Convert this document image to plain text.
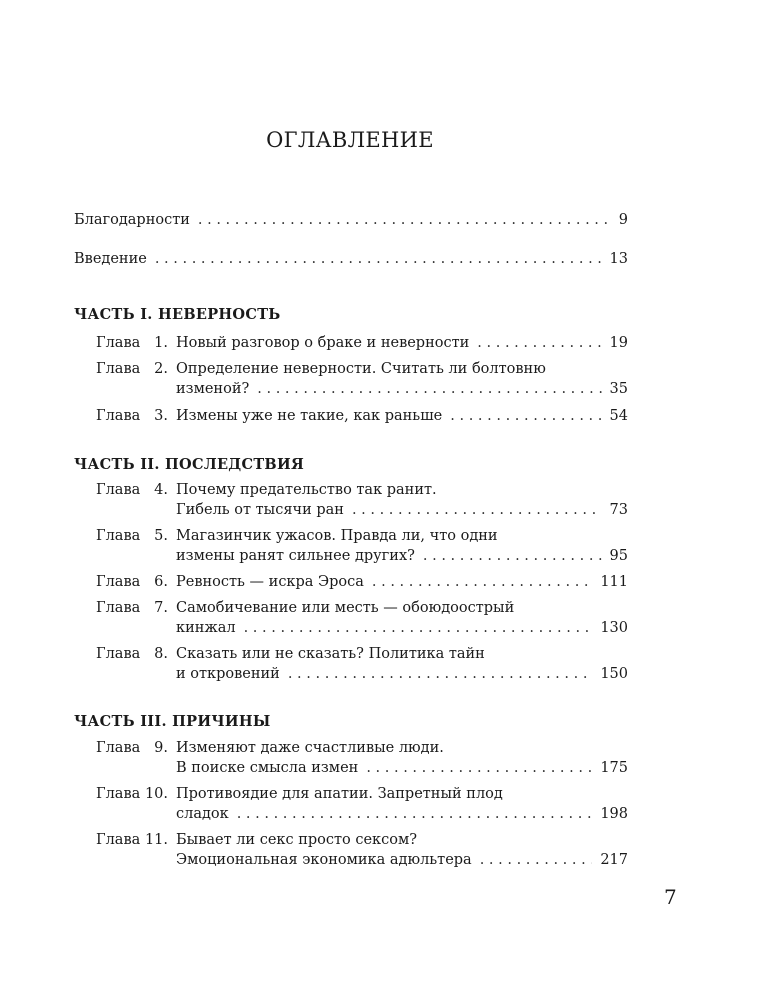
ОГЛАВЛЕНИЕ
Благодарности . . .	9
Введение . . .	13
ЧАСТЬ I. НЕВЕРНОСТЬ
Глава 1. Новый разговор о браке и неверности . . .	19
Глава 2. Определение неверности. Считать ли болтовню
изменой? . . .	35
Глава 3. Измены уже не такие, как раньше . . .	54
ЧАСТЬ II. ПОСЛЕДСТВИЯ
Глава 4. Почему предательство так ранит.
Гибель от тысячи ран . . .	73
Глава 5. Магазинчик ужасов. Правда ли, что одни
измены ранят сильнее других? . . .	95
Глава 6. Ревность — искра Эроса . . .	111
Глава 7. Самобичевание или месть — обоюдоострый
кинжал . . .	130
Глава 8. Сказать или не сказать? Политика тайн
и откровений . . .	150
ЧАСТЬ III. ПРИЧИНЫ
Глава 9. Изменяют даже счастливые люди.
В поиске смысла измен . . .	175
Глава 10. Противоядие для апатии. Запретный плод
сладок . . .	198
Глава 11. Бывает ли секс просто сексом?
Эмоциональная экономика адюльтера . . .	217
7
